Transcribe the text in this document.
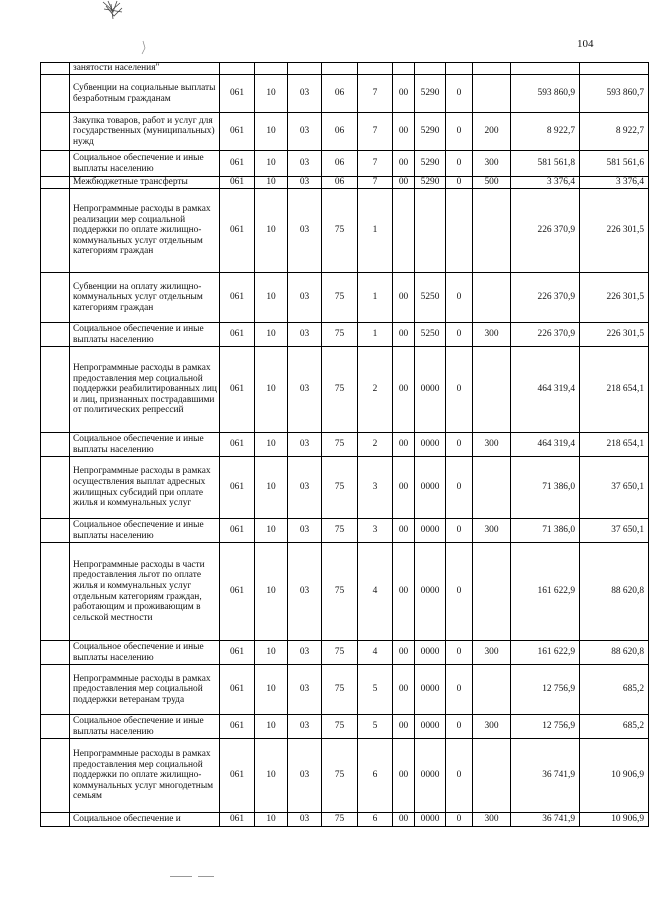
104
	занятости населения"											
	Субвенции на социальные выплаты безработным гражданам	061	10	03	06	7	00	5290	0		593 860,9	593 860,7
	Закупка товаров, работ и услуг для государственных (муниципальных) нужд	061	10	03	06	7	00	5290	0	200	8 922,7	8 922,7
	Социальное обеспечение и иные выплаты населению	061	10	03	06	7	00	5290	0	300	581 561,8	581 561,6
	Межбюджетные трансферты	061	10	03	06	7	00	5290	0	500	3 376,4	3 376,4
	Непрограммные расходы в рамках реализации мер социальной поддержки по оплате жилищно-коммунальных услуг отдельным категориям граждан	061	10	03	75	1					226 370,9	226 301,5
	Субвенции на оплату жилищно-коммунальных услуг отдельным категориям граждан	061	10	03	75	1	00	5250	0		226 370,9	226 301,5
	Социальное обеспечение и иные выплаты населению	061	10	03	75	1	00	5250	0	300	226 370,9	226 301,5
	Непрограммные расходы в рамках предоставления мер социальной поддержки реабилитированных лиц и лиц, признанных пострадавшими от политических репрессий	061	10	03	75	2	00	0000	0		464 319,4	218 654,1
	Социальное обеспечение и иные выплаты населению	061	10	03	75	2	00	0000	0	300	464 319,4	218 654,1
	Непрограммные расходы в рамках осуществления выплат адресных жилищных субсидий при оплате жилья и коммунальных услуг	061	10	03	75	3	00	0000	0		71 386,0	37 650,1
	Социальное обеспечение и иные выплаты населению	061	10	03	75	3	00	0000	0	300	71 386,0	37 650,1
	Непрограммные расходы в части предоставления льгот по оплате жилья и коммунальных услуг отдельным категориям граждан, работающим и проживающим в сельской местности	061	10	03	75	4	00	0000	0		161 622,9	88 620,8
	Социальное обеспечение и иные выплаты населению	061	10	03	75	4	00	0000	0	300	161 622,9	88 620,8
	Непрограммные расходы в рамках предоставления мер социальной поддержки ветеранам труда	061	10	03	75	5	00	0000	0		12 756,9	685,2
	Социальное обеспечение и иные выплаты населению	061	10	03	75	5	00	0000	0	300	12 756,9	685,2
	Непрограммные расходы в рамках предоставления мер социальной поддержки по оплате жилищно-коммунальных услуг многодетным семьям	061	10	03	75	6	00	0000	0		36 741,9	10 906,9
	Социальное обеспечение и	061	10	03	75	6	00	0000	0	300	36 741,9	10 906,9
